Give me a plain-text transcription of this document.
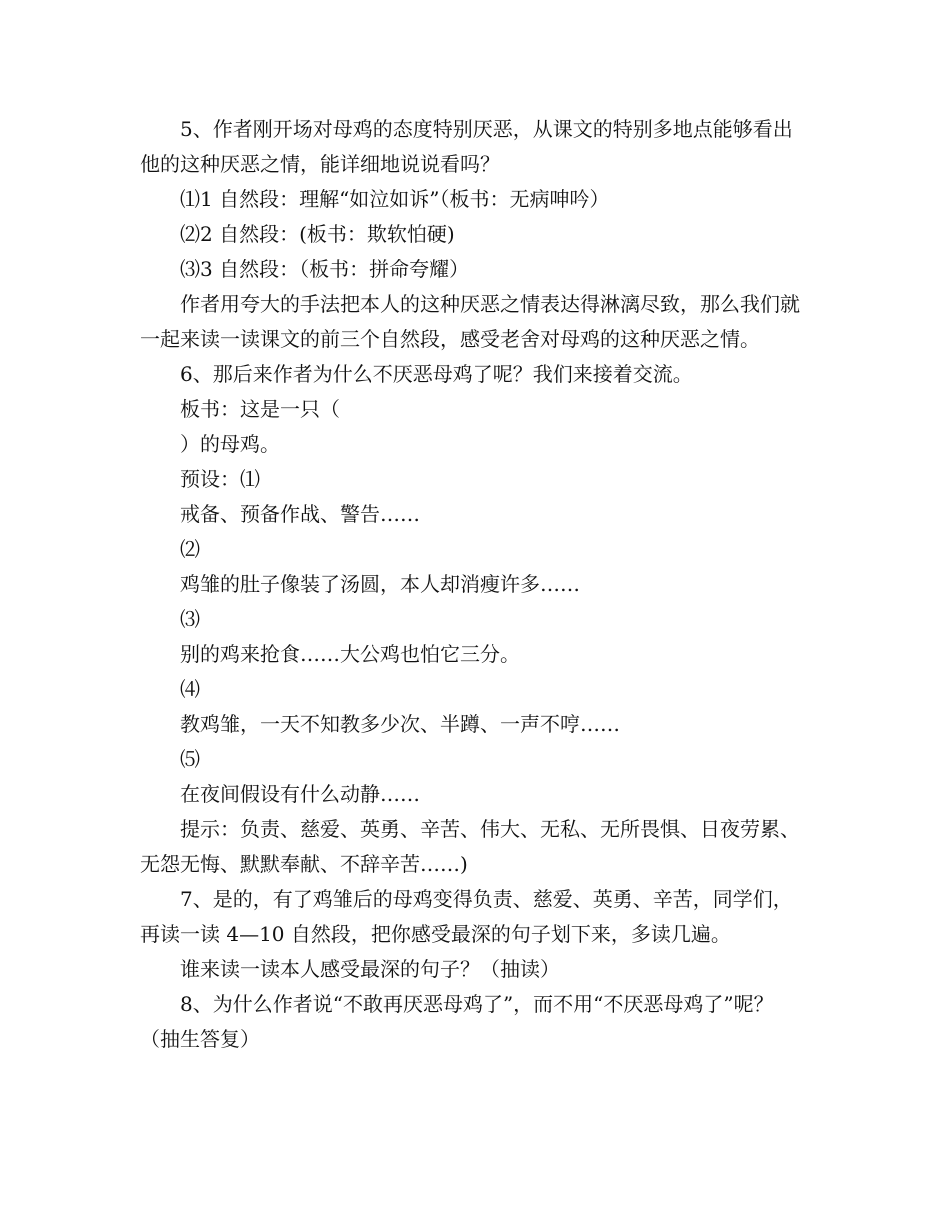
5、作者刚开场对母鸡的态度特别厌恶，从课文的特别多地点能够看出他的这种厌恶之情，能详细地说说看吗？

⑴1 自然段：理解“如泣如诉”（板书：无病呻吟）

⑵2 自然段：(板书：欺软怕硬)

⑶3 自然段：（板书：拼命夸耀）

作者用夸大的手法把本人的这种厌恶之情表达得淋漓尽致，那么我们就一起来读一读课文的前三个自然段，感受老舍对母鸡的这种厌恶之情。

6、那后来作者为什么不厌恶母鸡了呢？我们来接着交流。

板书：这是一只（

）的母鸡。

预设：⑴

戒备、预备作战、警告……

⑵

鸡雏的肚子像装了汤圆，本人却消瘦许多……

⑶

别的鸡来抢食……大公鸡也怕它三分。

⑷

教鸡雏，一天不知教多少次、半蹲、一声不哼……

⑸

在夜间假设有什么动静……

提示：负责、慈爱、英勇、辛苦、伟大、无私、无所畏惧、日夜劳累、无怨无悔、默默奉献、不辞辛苦……)

7、是的，有了鸡雏后的母鸡变得负责、慈爱、英勇、辛苦，同学们，再读一读 4—10 自然段，把你感受最深的句子划下来，多读几遍。

谁来读一读本人感受最深的句子？（抽读）

8、为什么作者说“不敢再厌恶母鸡了”，而不用“不厌恶母鸡了”呢？（抽生答复）
